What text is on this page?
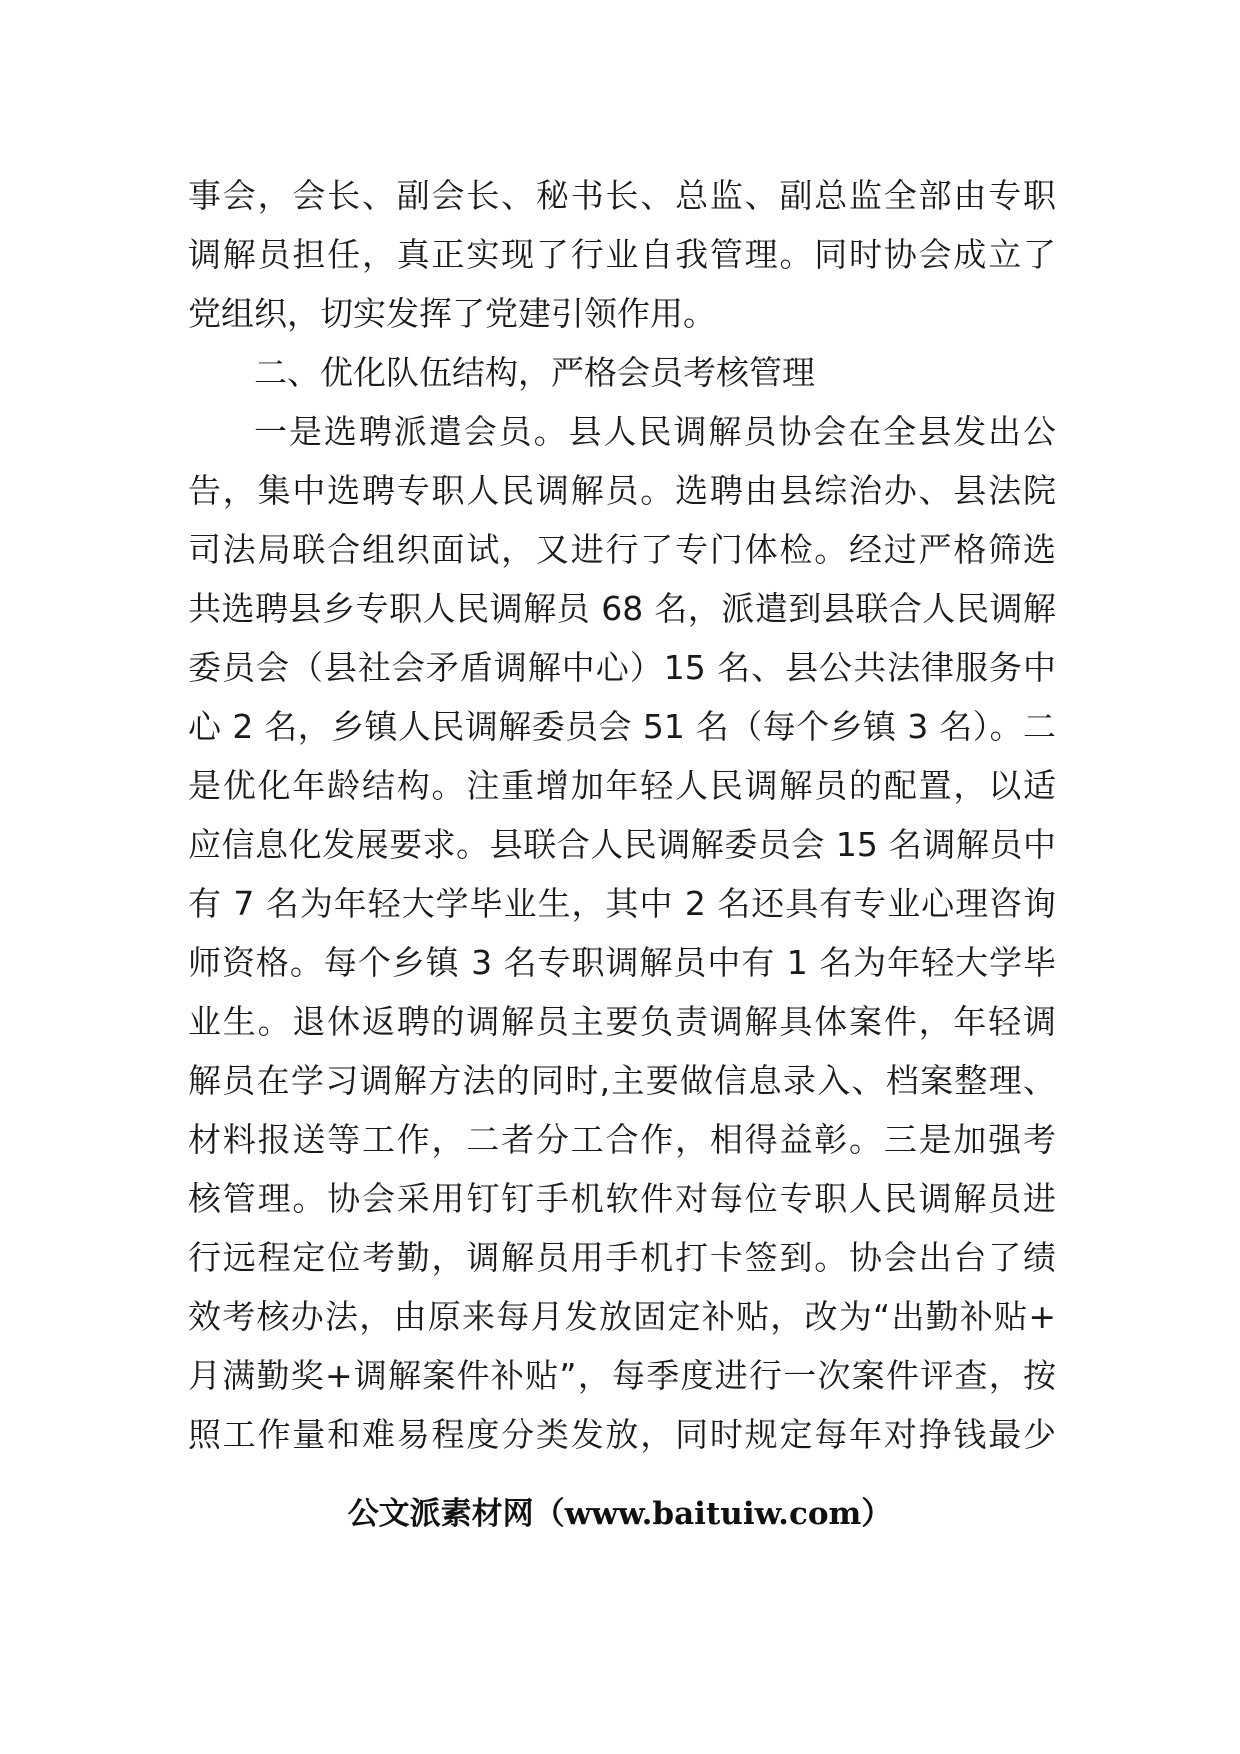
事会，会长、副会长、秘书长、总监、副总监全部由专职
调解员担任，真正实现了行业自我管理。同时协会成立了
党组织，切实发挥了党建引领作用。
二、优化队伍结构，严格会员考核管理
一是选聘派遣会员。县人民调解员协会在全县发出公
告，集中选聘专职人民调解员。选聘由县综治办、县法院
司法局联合组织面试，又进行了专门体检。经过严格筛选
共选聘县乡专职人民调解员 68 名，派遣到县联合人民调解
委员会（县社会矛盾调解中心）15 名、县公共法律服务中
心 2 名，乡镇人民调解委员会 51 名（每个乡镇 3 名）。二
是优化年龄结构。注重增加年轻人民调解员的配置，以适
应信息化发展要求。县联合人民调解委员会 15 名调解员中
有 7 名为年轻大学毕业生，其中 2 名还具有专业心理咨询
师资格。每个乡镇 3 名专职调解员中有 1 名为年轻大学毕
业生。退休返聘的调解员主要负责调解具体案件，年轻调
解员在学习调解方法的同时,主要做信息录入、档案整理、
材料报送等工作，二者分工合作，相得益彰。三是加强考
核管理。协会采用钉钉手机软件对每位专职人民调解员进
行远程定位考勤，调解员用手机打卡签到。协会出台了绩
效考核办法，由原来每月发放固定补贴，改为“出勤补贴+
月满勤奖+调解案件补贴”，每季度进行一次案件评查，按
照工作量和难易程度分类发放，同时规定每年对挣钱最少
公文派素材网（www.baituiw.com）
